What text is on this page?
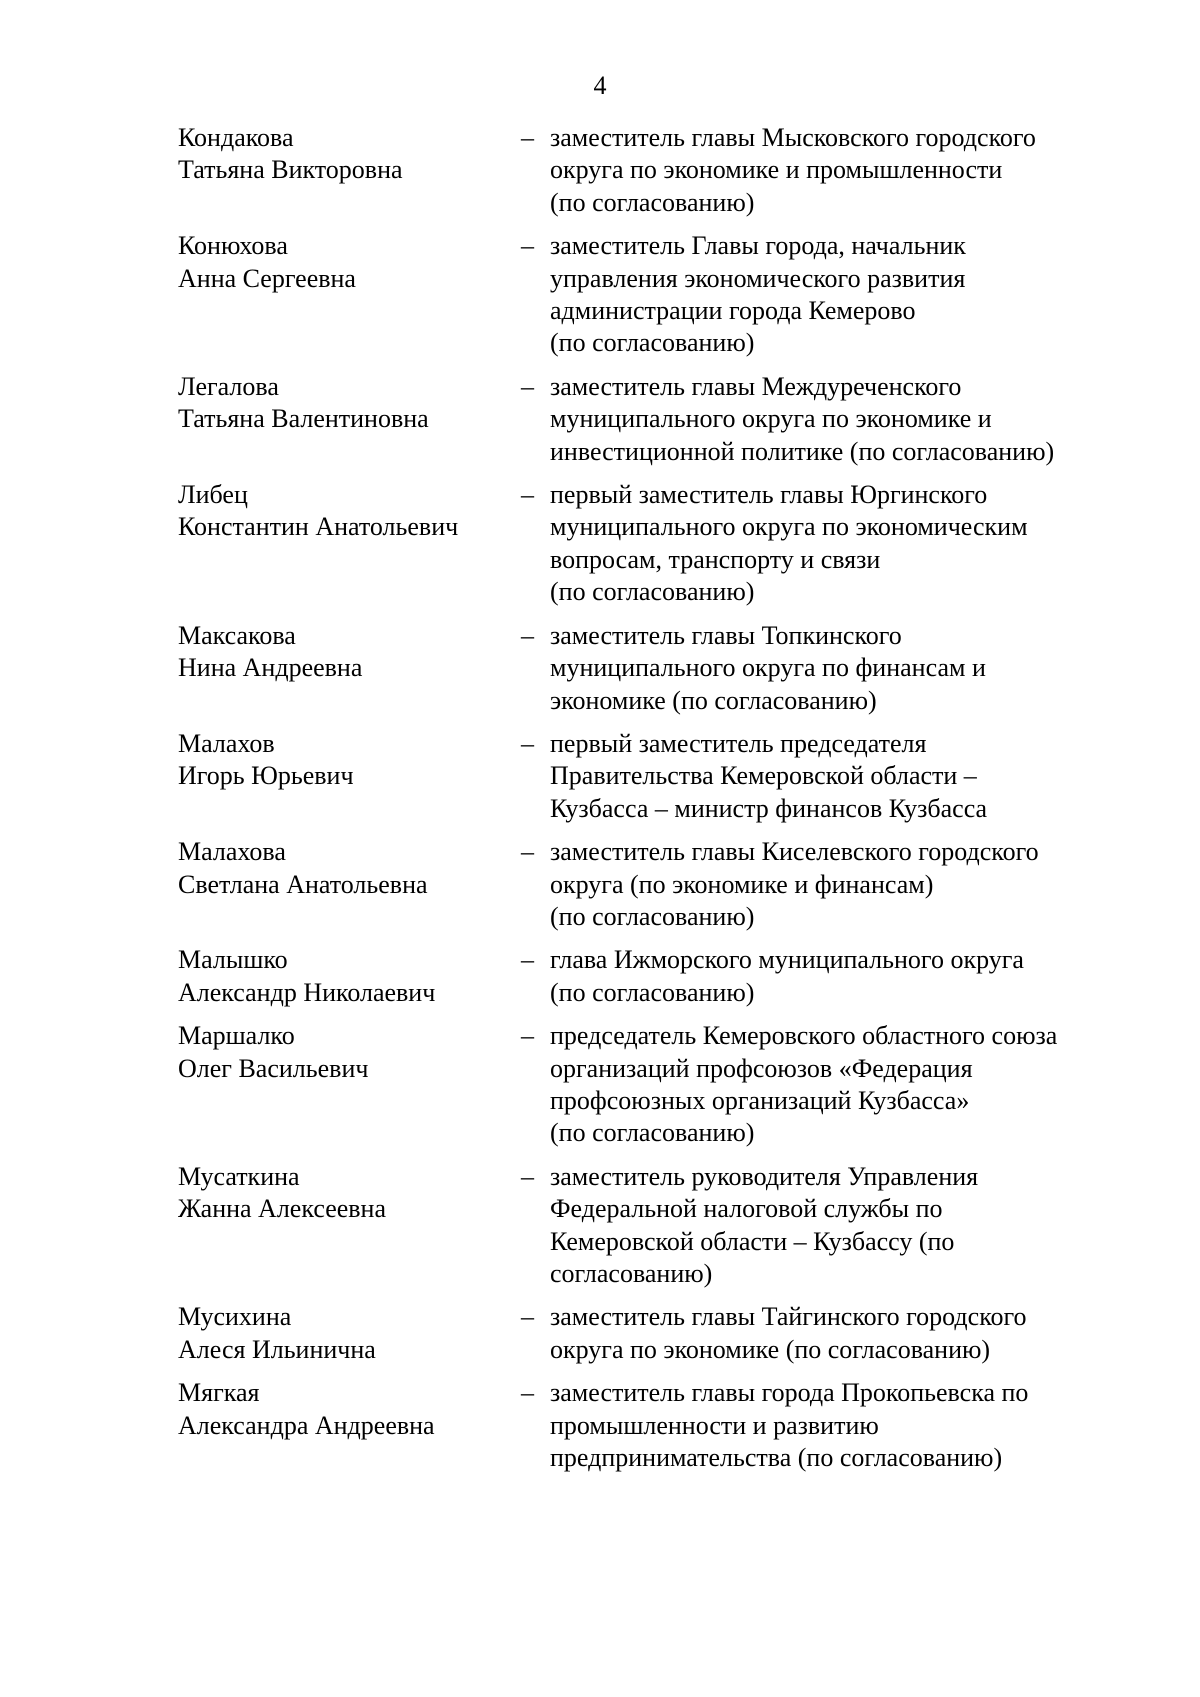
4
Кондакова
Татьяна Викторовна
– заместитель главы Мысковского городского
округа по экономике и промышленности
(по согласованию)
Конюхова
Анна Сергеевна
– заместитель Главы города, начальник
управления экономического развития
администрации города Кемерово
(по согласованию)
Легалова
Татьяна Валентиновна
– заместитель главы Междуреченского
муниципального округа по экономике и
инвестиционной политике (по согласованию)
Либец
Константин Анатольевич
– первый заместитель главы Юргинского
муниципального округа по экономическим
вопросам, транспорту и связи
(по согласованию)
Максакова
Нина Андреевна
– заместитель главы Топкинского
муниципального округа по финансам и
экономике (по согласованию)
Малахов
Игорь Юрьевич
– первый заместитель председателя
Правительства Кемеровской области –
Кузбасса – министр финансов Кузбасса
Малахова
Светлана Анатольевна
– заместитель главы Киселевского городского
округа (по экономике и финансам)
(по согласованию)
Малышко
Александр Николаевич
– глава Ижморского муниципального округа
(по согласованию)
Маршалко
Олег Васильевич
– председатель Кемеровского областного союза
организаций профсоюзов «Федерация
профсоюзных организаций Кузбасса»
(по согласованию)
Мусаткина
Жанна Алексеевна
– заместитель руководителя Управления
Федеральной налоговой службы по
Кемеровской области – Кузбассу (по
согласованию)
Мусихина
Алеся Ильинична
– заместитель главы Тайгинского городского
округа по экономике (по согласованию)
Мягкая
Александра Андреевна
– заместитель главы города Прокопьевска по
промышленности и развитию
предпринимательства (по согласованию)
